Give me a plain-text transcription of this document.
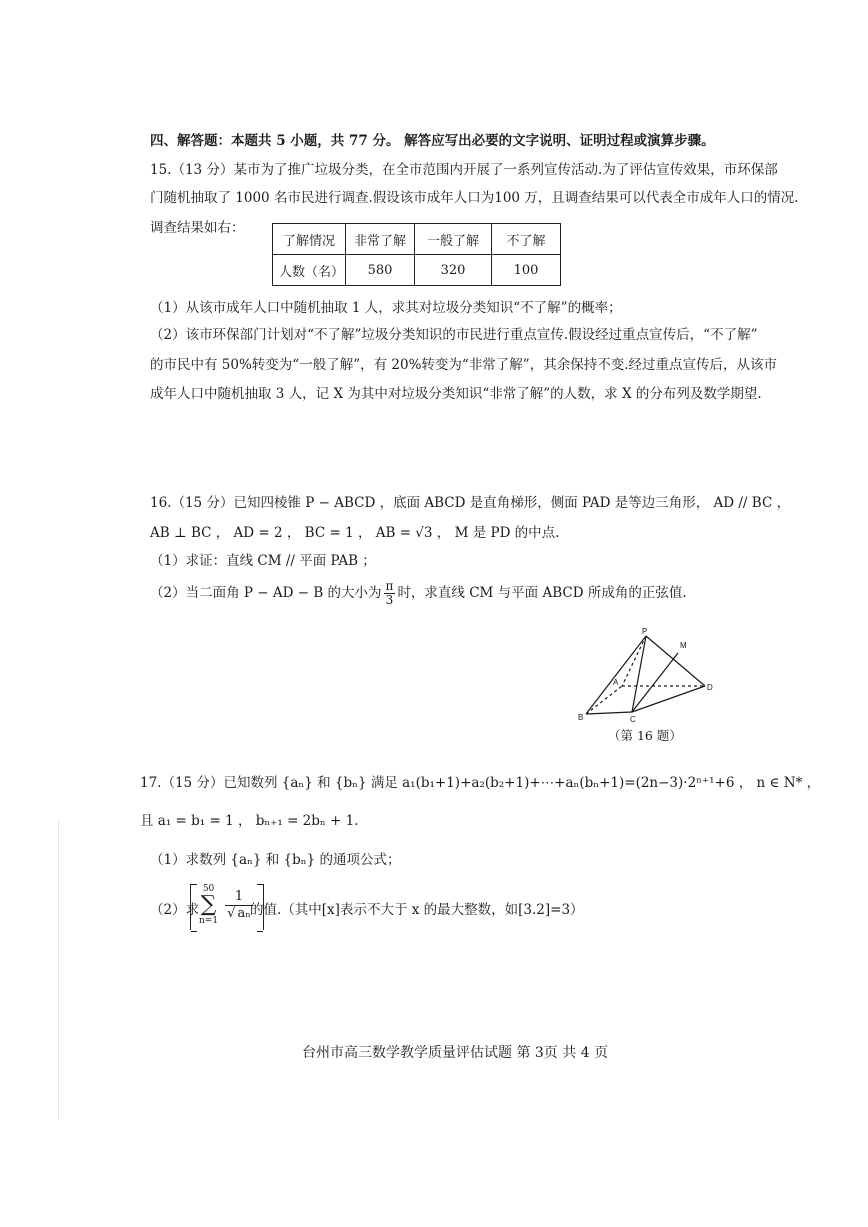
四、解答题：本题共 5 小题，共 77 分。 解答应写出必要的文字说明、证明过程或演算步骤。
15.（13 分）某市为了推广垃圾分类，在全市范围内开展了一系列宣传活动.为了评估宣传效果，市环保部
门随机抽取了 1000 名市民进行调查.假设该市成年人口为100 万，且调查结果可以代表全市成年人口的情况.
调查结果如右：
了解情况	非常了解	一般了解	不了解
人数（名）	580	320	100
（1）从该市成年人口中随机抽取 1 人，求其对垃圾分类知识“不了解”的概率；
（2）该市环保部门计划对“不了解”垃圾分类知识的市民进行重点宣传.假设经过重点宣传后，“不了解”
的市民中有 50%转变为“一般了解”，有 20%转变为“非常了解”，其余保持不变.经过重点宣传后，从该市
成年人口中随机抽取 3 人，记 X 为其中对垃圾分类知识“非常了解”的人数，求 X 的分布列及数学期望.
16.（15 分）已知四棱锥 P − ABCD ，底面 ABCD 是直角梯形，侧面 PAD 是等边三角形， AD // BC ，
AB ⊥ BC ， AD = 2 ， BC = 1 ， AB = √3 ， M 是 PD 的中点.
（1）求证：直线 CM // 平面 PAB ；
（2）当二面角 P − AD − B 的大小为 $\frac{\pi}{3}$ 时，求直线 CM 与平面 ABCD 所成角的正弦值.
P
M
A
D
B	C
（第 16 题）
17.（15 分）已知数列 {aₙ} 和 {bₙ} 满足 a₁(b₁+1)+a₂(b₂+1)+⋯+aₙ(bₙ+1)=(2n−3)·2ⁿ⁺¹+6 ， n ∈ N* ，
且 a₁ = b₁ = 1 ， bₙ₊₁ = 2bₙ + 1.
（1）求数列 {aₙ} 和 {bₙ} 的通项公式；
（2）求
50
∑
$n=1 \frac{1}{\text{√ aₙ}}$
的值.（其中[x]表示不大于 x 的最大整数，如[3.2]=3）
台州市高三数学教学质量评估试题 第 3页 共 4 页
